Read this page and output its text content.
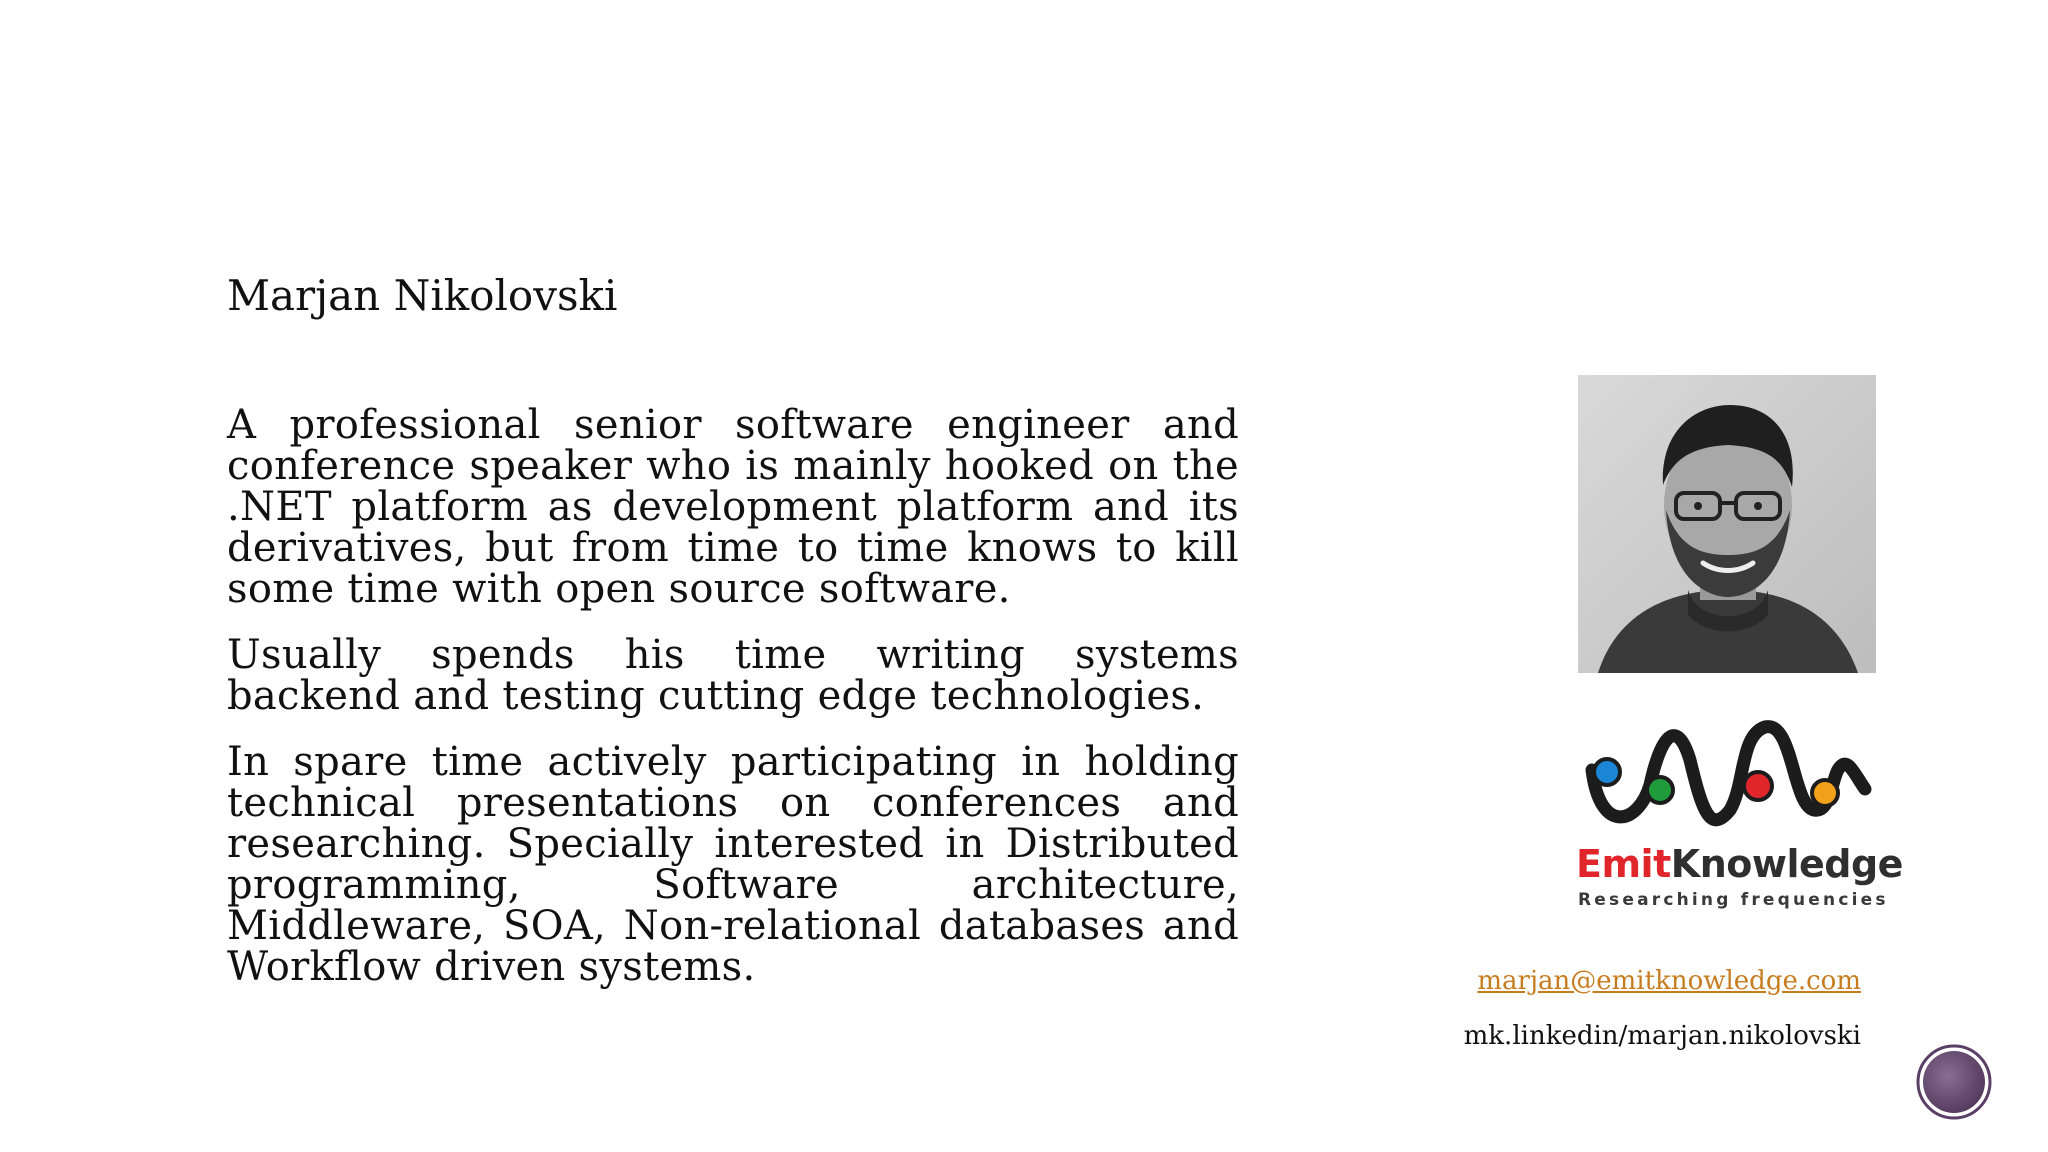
Marjan Nikolovski

A professional senior software engineer and conference speaker who is mainly hooked on the .NET platform as development platform and its derivatives, but from time to time knows to kill some time with open source software.

Usually spends his time writing systems backend and testing cutting edge technologies.

In spare time actively participating in holding technical presentations on conferences and researching. Specially interested in Distributed programming, Software architecture, Middleware, SOA, Non-relational databases and Workflow driven systems.

EmitKnowledge
Researching frequencies
marjan@emitknowledge.com
mk.linkedin/marjan.nikolovski
